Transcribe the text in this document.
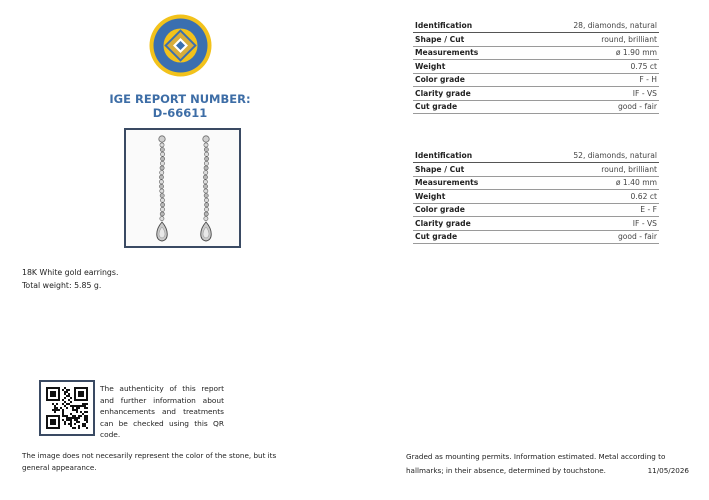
IGE REPORT NUMBER:
D-66611
18K White gold earrings.
Total weight: 5.85 g.
Identification	28, diamonds, natural
Shape / Cut	round, brilliant
Measurements	ø 1.90 mm
Weight	0.75 ct
Color grade	F - H
Clarity grade	IF - VS
Cut grade	good - fair
Identification	52, diamonds, natural
Shape / Cut	round, brilliant
Measurements	ø 1.40 mm
Weight	0.62 ct
Color grade	E - F
Clarity grade	IF - VS
Cut grade	good - fair
The authenticity of this report and further information about enhancements and treatments can be checked using this QR code.
The image does not necesarily represent the color of the stone, but its general appearance.
Graded as mounting permits. Information estimated. Metal according to hallmarks; in their absence, determined by touchstone.	11/05/2026
